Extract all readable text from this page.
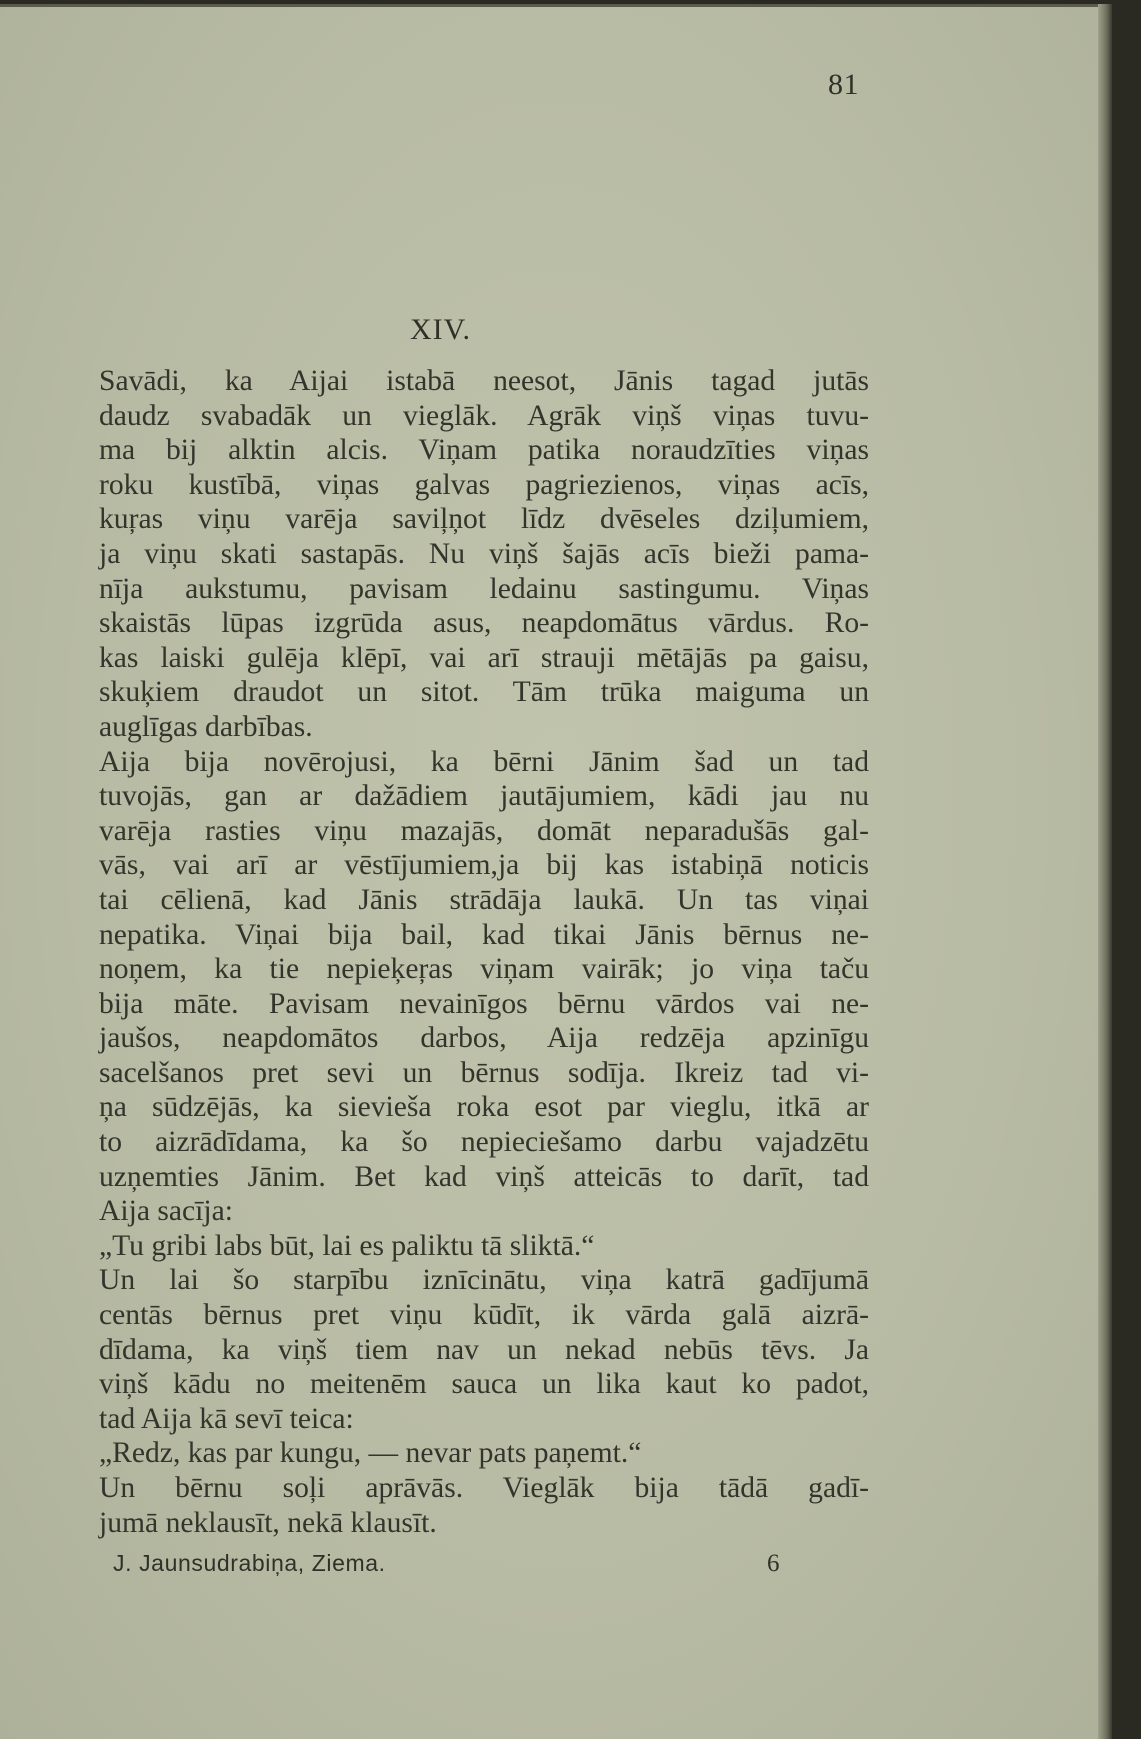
81
XIV.
Savādi, ka Aijai istabā neesot, Jānis tagad jutās
daudz svabadāk un vieglāk. Agrāk viņš viņas tuvu-
ma bij alktin alcis. Viņam patika noraudzīties viņas
roku kustībā, viņas galvas pagriezienos, viņas acīs,
kuŗas viņu varēja saviļņot līdz dvēseles dziļumiem,
ja viņu skati sastapās. Nu viņš šajās acīs bieži pama-
nīja aukstumu, pavisam ledainu sastingumu. Viņas
skaistās lūpas izgrūda asus, neapdomātus vārdus. Ro-
kas laiski gulēja klēpī, vai arī strauji mētājās pa gaisu,
skuķiem draudot un sitot. Tām trūka maiguma un
auglīgas darbības.
Aija bija novērojusi, ka bērni Jānim šad un tad
tuvojās, gan ar dažādiem jautājumiem, kādi jau nu
varēja rasties viņu mazajās, domāt neparadušās gal-
vās, vai arī ar vēstījumiem,ja bij kas istabiņā noticis
tai cēlienā, kad Jānis strādāja laukā. Un tas viņai
nepatika. Viņai bija bail, kad tikai Jānis bērnus ne-
noņem, ka tie nepieķeŗas viņam vairāk; jo viņa taču
bija māte. Pavisam nevainīgos bērnu vārdos vai ne-
jaušos, neapdomātos darbos, Aija redzēja apzinīgu
sacelšanos pret sevi un bērnus sodīja. Ikreiz tad vi-
ņa sūdzējās, ka sieviešа roka esot par vieglu, itkā ar
to aizrādīdama, ka šo nepieciešamo darbu vajadzētu
uzņemties Jānim. Bet kad viņš atteicās to darīt, tad
Aija sacīja:
„Tu gribi labs būt, lai es paliktu tā sliktā.“
Un lai šo starpību iznīcinātu, viņa katrā gadījumā
centās bērnus pret viņu kūdīt, ik vārda galā aizrā-
dīdama, ka viņš tiem nav un nekad nebūs tēvs. Ja
viņš kādu no meitenēm sauca un lika kaut ko padot,
tad Aija kā sevī teica:
„Redz, kas par kungu, — nevar pats paņemt.“
Un bērnu soļi aprāvās. Vieglāk bija tādā gadī-
jumā neklausīt, nekā klausīt.
J. Jaunsudrabiņa, Ziema.	6
